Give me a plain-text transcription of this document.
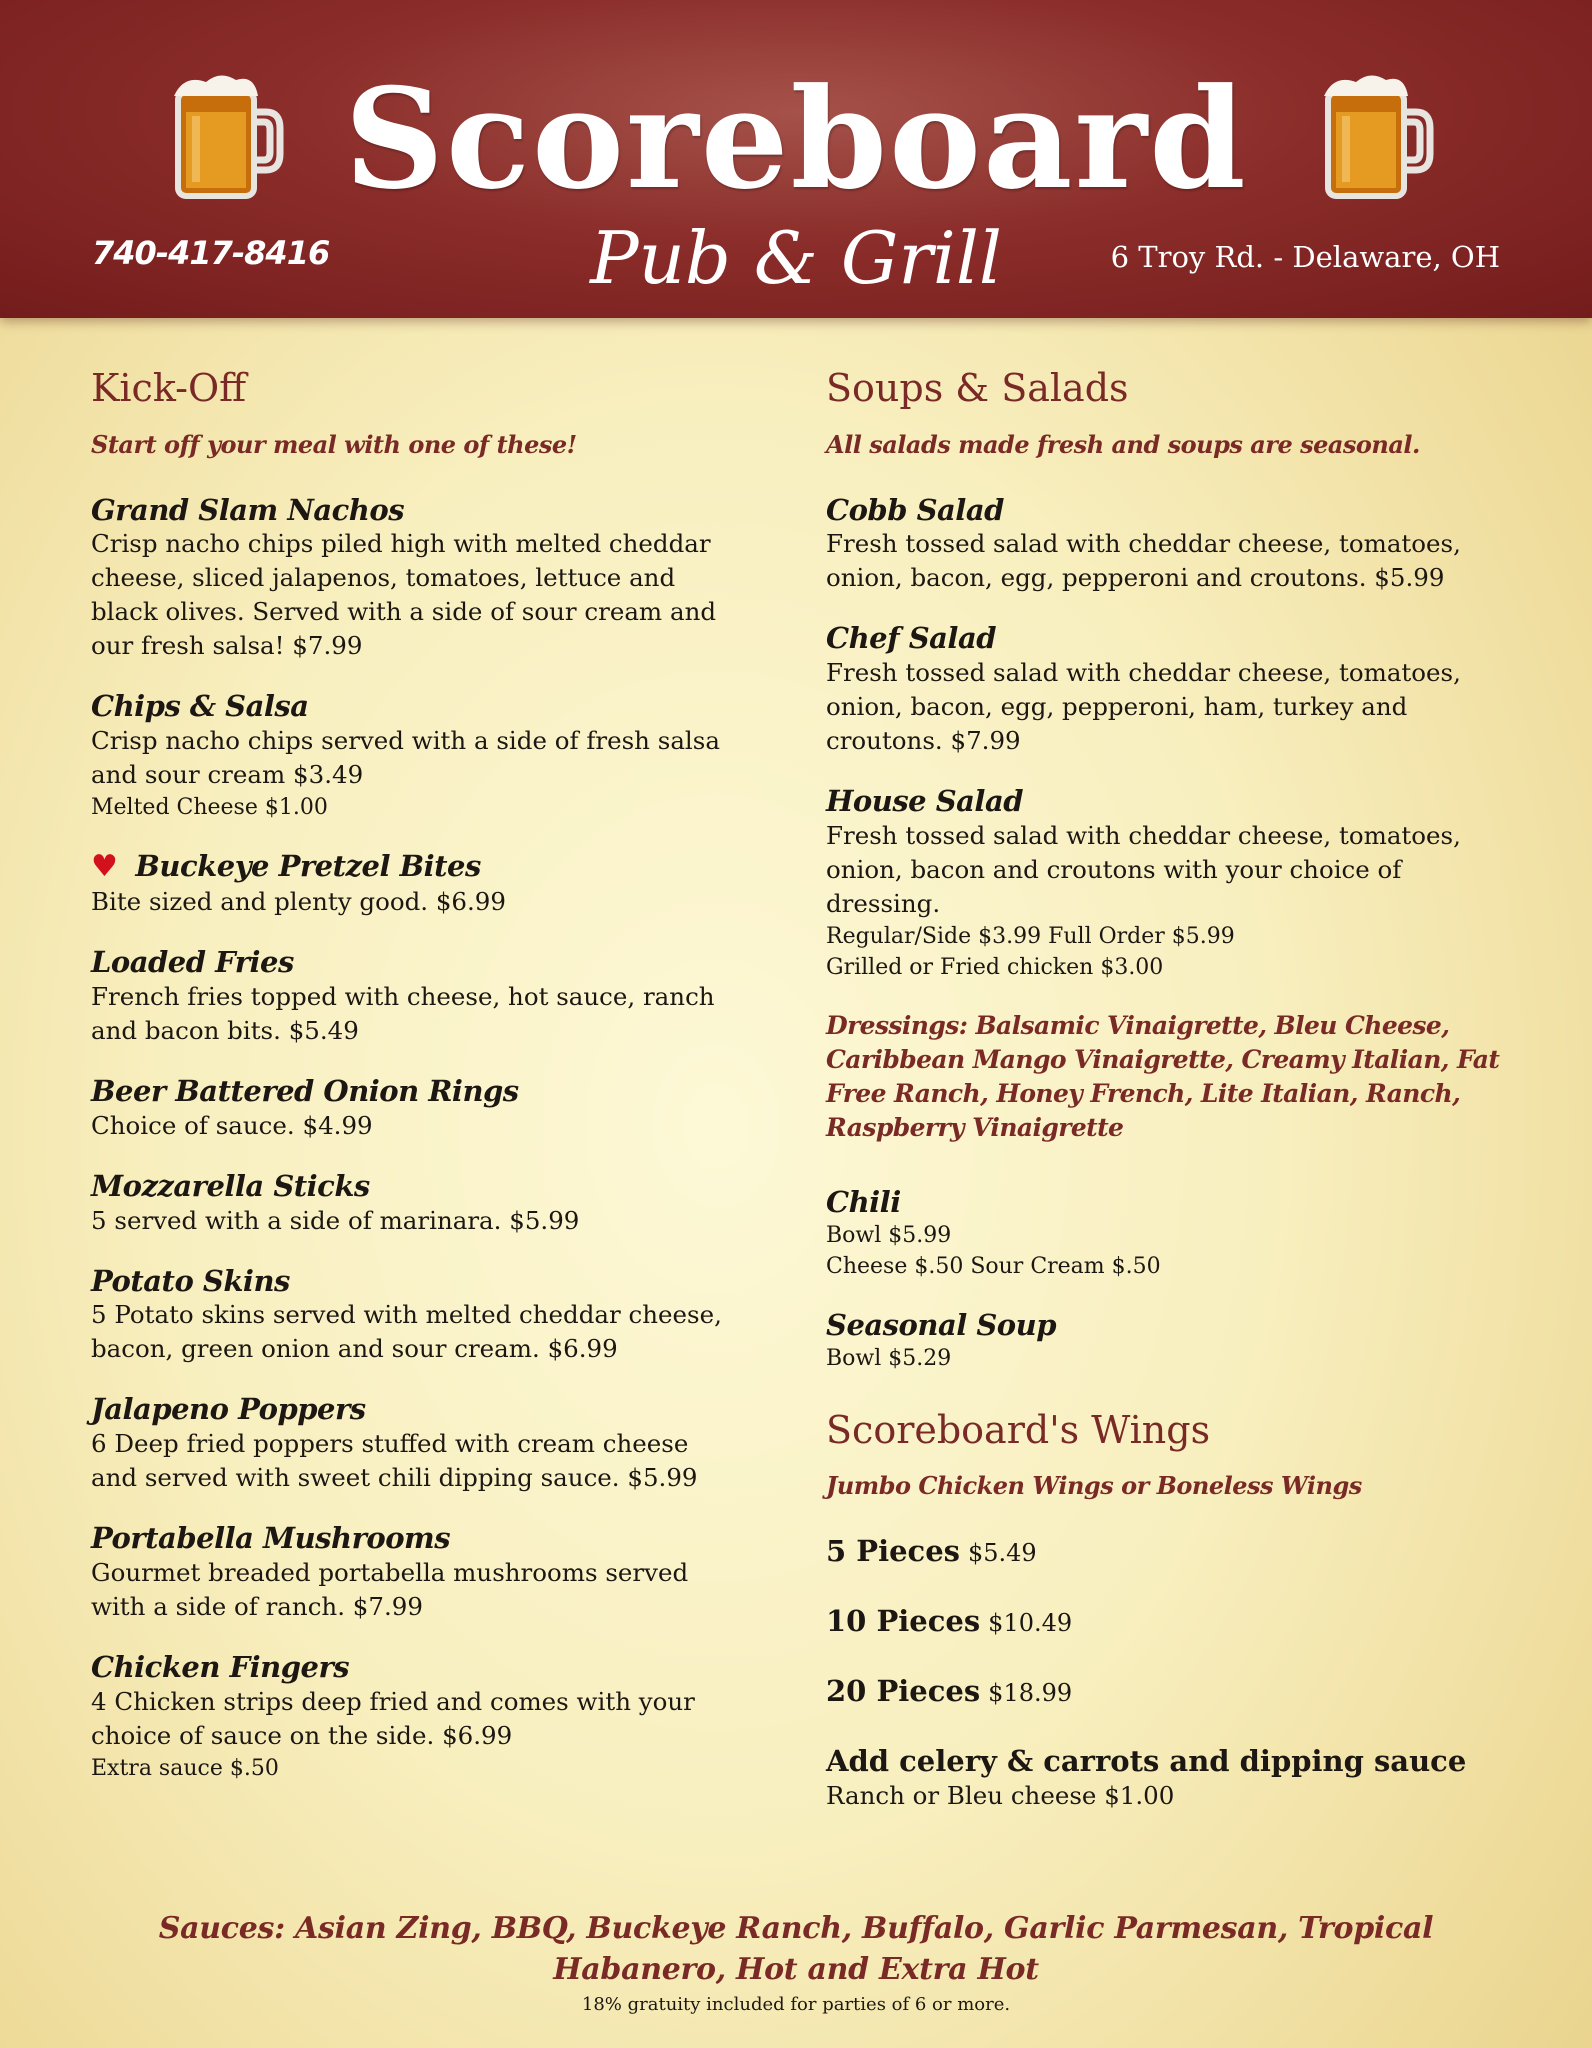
Scoreboard
Pub & Grill
740-417-8416	6 Troy Rd. - Delaware, OH
Kick-Off
Start off your meal with one of these!
Grand Slam Nachos
Crisp nacho chips piled high with melted cheddar cheese, sliced jalapenos, tomatoes, lettuce and black olives. Served with a side of sour cream and our fresh salsa! $7.99
Chips & Salsa
Crisp nacho chips served with a side of fresh salsa and sour cream $3.49
Melted Cheese $1.00
♥ Buckeye Pretzel Bites
Bite sized and plenty good. $6.99
Loaded Fries
French fries topped with cheese, hot sauce, ranch and bacon bits. $5.49
Beer Battered Onion Rings
Choice of sauce. $4.99
Mozzarella Sticks
5 served with a side of marinara. $5.99
Potato Skins
5 Potato skins served with melted cheddar cheese, bacon, green onion and sour cream. $6.99
Jalapeno Poppers
6 Deep fried poppers stuffed with cream cheese and served with sweet chili dipping sauce. $5.99
Portabella Mushrooms
Gourmet breaded portabella mushrooms served with a side of ranch. $7.99
Chicken Fingers
4 Chicken strips deep fried and comes with your choice of sauce on the side. $6.99
Extra sauce $.50
Soups & Salads
All salads made fresh and soups are seasonal.
Cobb Salad
Fresh tossed salad with cheddar cheese, tomatoes, onion, bacon, egg, pepperoni and croutons. $5.99
Chef Salad
Fresh tossed salad with cheddar cheese, tomatoes, onion, bacon, egg, pepperoni, ham, turkey and croutons. $7.99
House Salad
Fresh tossed salad with cheddar cheese, tomatoes, onion, bacon and croutons with your choice of dressing.
Regular/Side $3.99 Full Order $5.99
Grilled or Fried chicken $3.00
Dressings: Balsamic Vinaigrette, Bleu Cheese, Caribbean Mango Vinaigrette, Creamy Italian, Fat Free Ranch, Honey French, Lite Italian, Ranch, Raspberry Vinaigrette
Chili
Bowl $5.99
Cheese $.50 Sour Cream $.50
Seasonal Soup
Bowl $5.29
Scoreboard's Wings
Jumbo Chicken Wings or Boneless Wings
5 Pieces $5.49
10 Pieces $10.49
20 Pieces $18.99
Add celery & carrots and dipping sauce
Ranch or Bleu cheese $1.00
Sauces: Asian Zing, BBQ, Buckeye Ranch, Buffalo, Garlic Parmesan, Tropical
Habanero, Hot and Extra Hot
18% gratuity included for parties of 6 or more.
